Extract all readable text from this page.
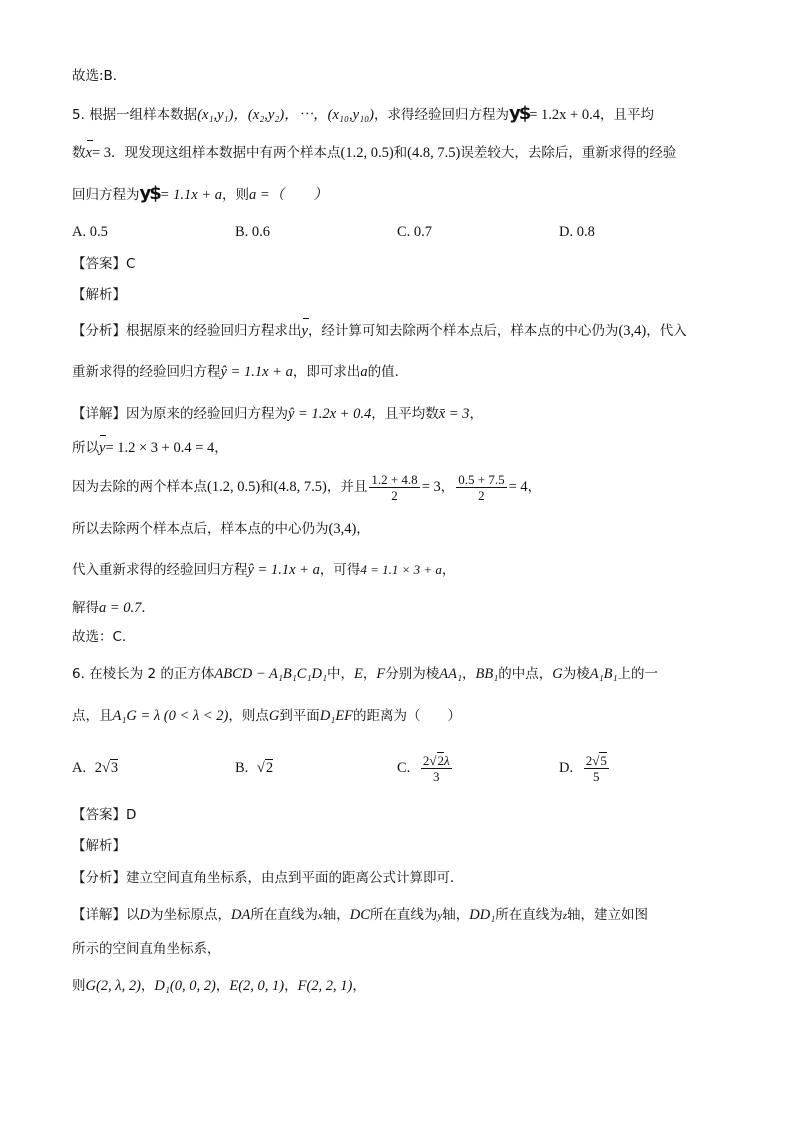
故选:B．
5. 根据一组样本数据(x₁,y₁)，(x₂,y₂)，⋯，(x₁₀,y₁₀)，求得经验回归方程为y$= 1.2x + 0.4，且平均
数x= 3．现发现这组样本数据中有两个样本点(1.2, 0.5)和(4.8, 7.5)误差较大，去除后，重新求得的经验
回归方程为y$= 1.1x + a，则a =（　　）
A. 0.5	B. 0.6	C. 0.7	D. 0.8
【答案】C
【解析】
【分析】根据原来的经验回归方程求出y，经计算可知去除两个样本点后，样本点的中心仍为(3,4)，代入
重新求得的经验回归方程ŷ = 1.1x + a，即可求出a的值．
【详解】因为原来的经验回归方程为ŷ = 1.2x + 0.4，且平均数x̄ = 3，
所以y= 1.2 × 3 + 0.4 = 4，
因为去除的两个样本点(1.2, 0.5)和(4.8, 7.5)，并且 $\frac{1.2 + 4.8}{2} = 3$， $\frac{0.5 + 7.5}{2} = 4$，
所以去除两个样本点后，样本点的中心仍为(3,4)，
代入重新求得的经验回归方程ŷ = 1.1x + a，可得4 = 1.1 × 3 + a，
解得a = 0.7．
故选：C．
6. 在棱长为 2 的正方体ABCD − A₁B₁C₁D₁中，E，F分别为棱AA₁，BB₁的中点，G为棱A₁B₁上的一
点，且A₁G = λ (0 < λ < 2)，则点G到平面D₁EF的距离为（　　）
A. 2√3	B. √2	C. $\frac{2√2\lambda}{3}$	D. $\frac{2√5}{5}$
【答案】D
【解析】
【分析】建立空间直角坐标系，由点到平面的距离公式计算即可．
【详解】以D为坐标原点，DA所在直线为x轴，DC所在直线为y轴，DD₁所在直线为z轴，建立如图
所示的空间直角坐标系，
则G(2, λ, 2)，D₁(0, 0, 2)，E(2, 0, 1)，F(2, 2, 1)，
